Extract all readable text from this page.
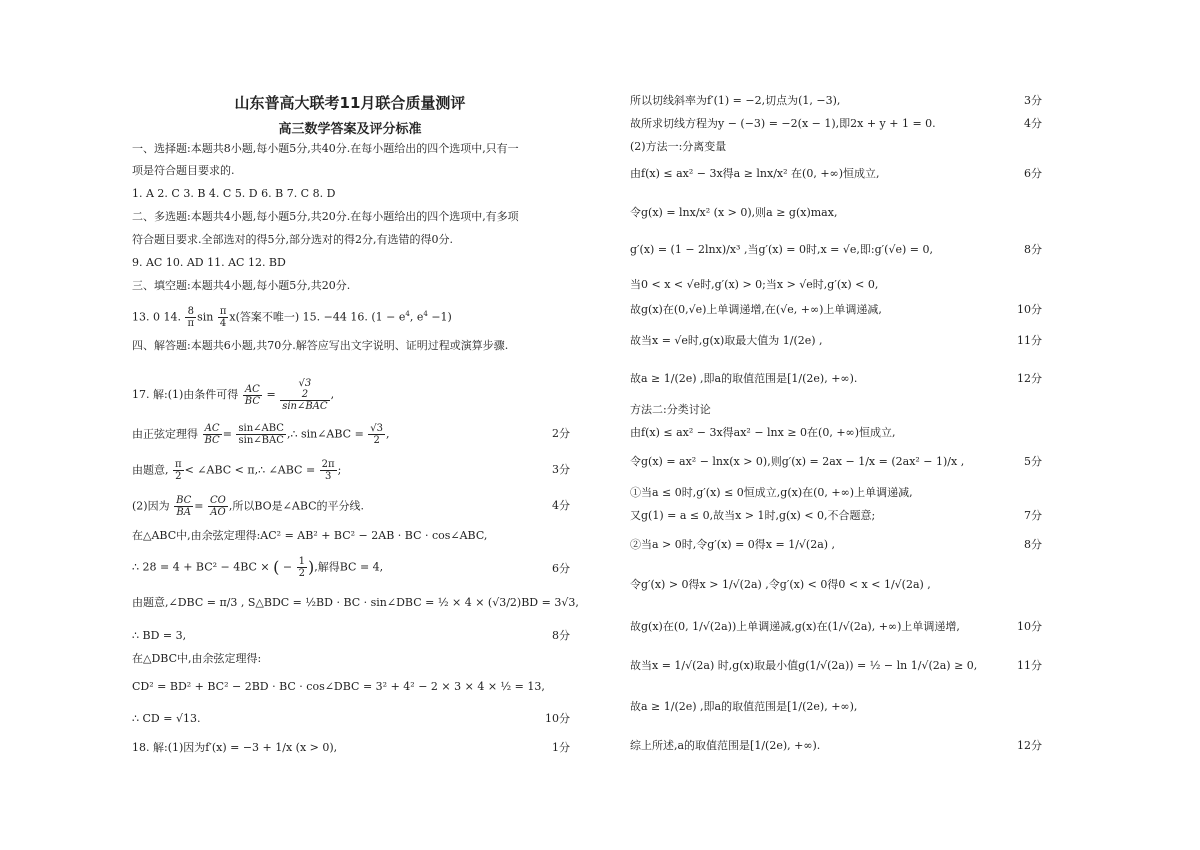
山东普高大联考11月联合质量测评
高三数学答案及评分标准
一、选择题:本题共8小题,每小题5分,共40分.在每小题给出的四个选项中,只有一
项是符合题目要求的.
1. A 2. C 3. B 4. C 5. D 6. B 7. C 8. D
二、多选题:本题共4小题,每小题5分,共20分.在每小题给出的四个选项中,有多项
符合题目要求.全部选对的得5分,部分选对的得2分,有选错的得0分.
9. AC 10. AD 11. AC 12. BD
三、填空题:本题共4小题,每小题5分,共20分.
13. 0 14. $\frac{8}{\pi}$ $\sin \frac{\pi}{4} x$(答案不唯一) 15. −44 16. ($1 - e^4$, $e^4 -1$)
四、解答题:本题共6小题,共70分.解答应写出文字说明、证明过程或演算步骤.
17. 解:(1)由条件可得 $\frac{AC}{BC} = √3$
2
sin∠BAC ,
由正弦定理得 $\frac{AC}{BC} = \frac{\text{sin∠ABC}}{\text{sin∠BAC}}$ ,∴ sin∠ABC = $\frac{√3}{2}$ ,	2分
由题意, $\frac{\pi}{2}$ < ∠ABC < π,∴ ∠ABC = $\frac{2\pi}{3}$ ;	3分
(2)因为 $\frac{BC}{BA} = \frac{CO}{AO}$ ,所以BO是∠ABC的平分线.	4分
在△ABC中,由余弦定理得:AC² = AB² + BC² − 2AB · BC · cos∠ABC,
∴ 28 = 4 + BC² − 4BC × ( − $\frac{1}{2}$ ),解得BC = 4,	6分
由题意,∠DBC = π/3 , S△BDC = ½BD · BC · sin∠DBC = ½ × 4 × (√3/2)BD = 3√3,
∴ BD = 3,	8分
在△DBC中,由余弦定理得:
CD² = BD² + BC² − 2BD · BC · cos∠DBC = 3² + 4² − 2 × 3 × 4 × ½ = 13,
∴ CD = √13.	10分
18. 解:(1)因为f′(x) = −3 + 1/x (x > 0),	1分
所以切线斜率为f′(1) = −2,切点为(1, −3),	3分
故所求切线方程为y − (−3) = −2(x − 1),即2x + y + 1 = 0.	4分
(2)方法一:分离变量
由f(x) ≤ ax² − 3x得a ≥ lnx/x² 在(0, +∞)恒成立,	6分
令g(x) = lnx/x² (x > 0),则a ≥ g(x)max,
g′(x) = (1 − 2lnx)/x³ ,当g′(x) = 0时,x = √e,即:g′(√e) = 0,	8分
当0 < x < √e时,g′(x) > 0;当x > √e时,g′(x) < 0,
故g(x)在(0,√e)上单调递增,在(√e, +∞)上单调递减,	10分
故当x = √e时,g(x)取最大值为 1/(2e) ,	11分
故a ≥ 1/(2e) ,即a的取值范围是[1/(2e), +∞).	12分
方法二:分类讨论
由f(x) ≤ ax² − 3x得ax² − lnx ≥ 0在(0, +∞)恒成立,
令g(x) = ax² − lnx(x > 0),则g′(x) = 2ax − 1/x = (2ax² − 1)/x ,	5分
①当a ≤ 0时,g′(x) ≤ 0恒成立,g(x)在(0, +∞)上单调递减,
又g(1) = a ≤ 0,故当x > 1时,g(x) < 0,不合题意;	7分
②当a > 0时,令g′(x) = 0得x = 1/√(2a) ,	8分
令g′(x) > 0得x > 1/√(2a) ,令g′(x) < 0得0 < x < 1/√(2a) ,
故g(x)在(0, 1/√(2a))上单调递减,g(x)在(1/√(2a), +∞)上单调递增,	10分
故当x = 1/√(2a) 时,g(x)取最小值g(1/√(2a)) = ½ − ln 1/√(2a) ≥ 0,	11分
故a ≥ 1/(2e) ,即a的取值范围是[1/(2e), +∞),
综上所述,a的取值范围是[1/(2e), +∞).	12分
